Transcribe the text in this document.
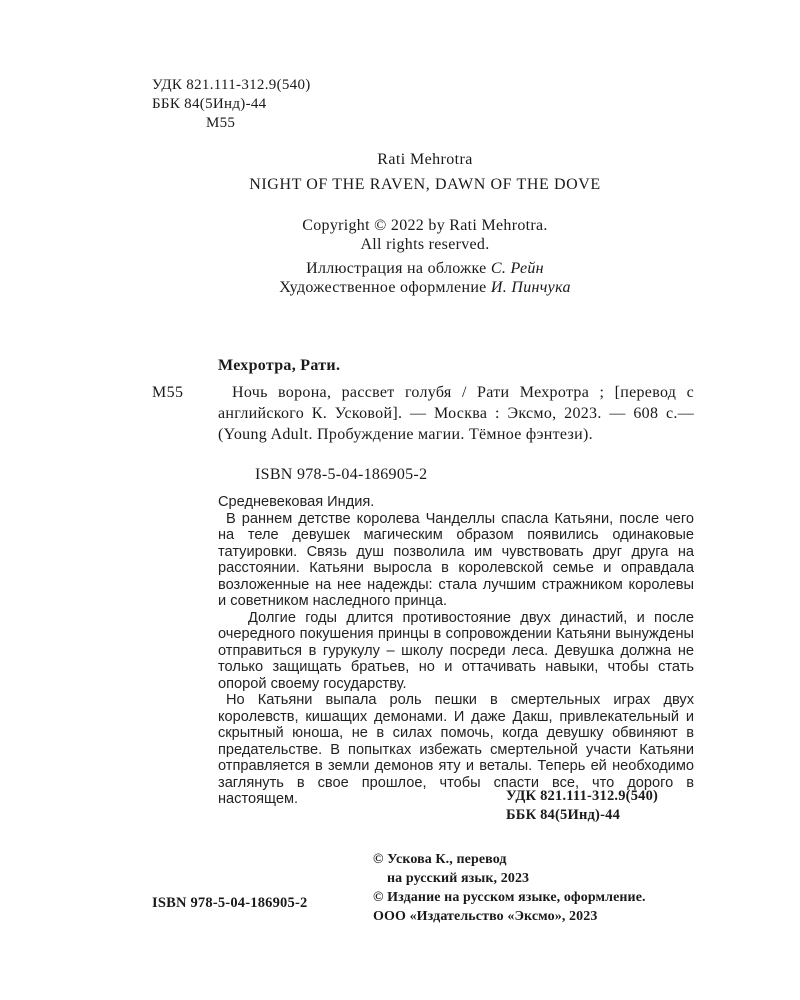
УДК 821.111-312.9(540)
ББК 84(5Инд)-44
М55
Rati Mehrotra
NIGHT OF THE RAVEN, DAWN OF THE DOVE
Copyright © 2022 by Rati Mehrotra.
All rights reserved.
Иллюстрация на обложке С. Рейн
Художественное оформление И. Пинчука
Мехротра, Рати.
М55	Ночь ворона, рассвет голубя / Рати Мехротра ; [перевод с английского К. Усковой]. — Москва : Эксмо, 2023. — 608 с.— (Young Adult. Пробуждение магии. Тёмное фэнтези).
ISBN 978-5-04-186905-2

Средневековая Индия.

В раннем детстве королева Чанделлы спасла Катьяни, после чего на теле девушек магическим образом появились одинаковые татуировки. Связь душ позволила им чувствовать друг друга на расстоянии. Катьяни выросла в королевской семье и оправдала возложенные на нее надежды: стала лучшим стражником королевы и советником наследного принца.

Долгие годы длится противостояние двух династий, и после очередного покушения принцы в сопровождении Катьяни вынуждены отправиться в гурукулу – школу посреди леса. Девушка должна не только защищать братьев, но и оттачивать навыки, чтобы стать опорой своему государству.

Но Катьяни выпала роль пешки в смертельных играх двух королевств, кишащих демонами. И даже Дакш, привлекательный и скрытный юноша, не в силах помочь, когда девушку обвиняют в предательстве. В попытках избежать смертельной участи Катьяни отправляется в земли демонов яту и веталы. Теперь ей необходимо заглянуть в свое прошлое, чтобы спасти все, что дорого в настоящем.	УДК 821.111-312.9(540)
ББК 84(5Инд)-44
© Ускова К., перевод
на русский язык, 2023
© Издание на русском языке, оформление.
ООО «Издательство «Эксмо», 2023
ISBN 978-5-04-186905-2
